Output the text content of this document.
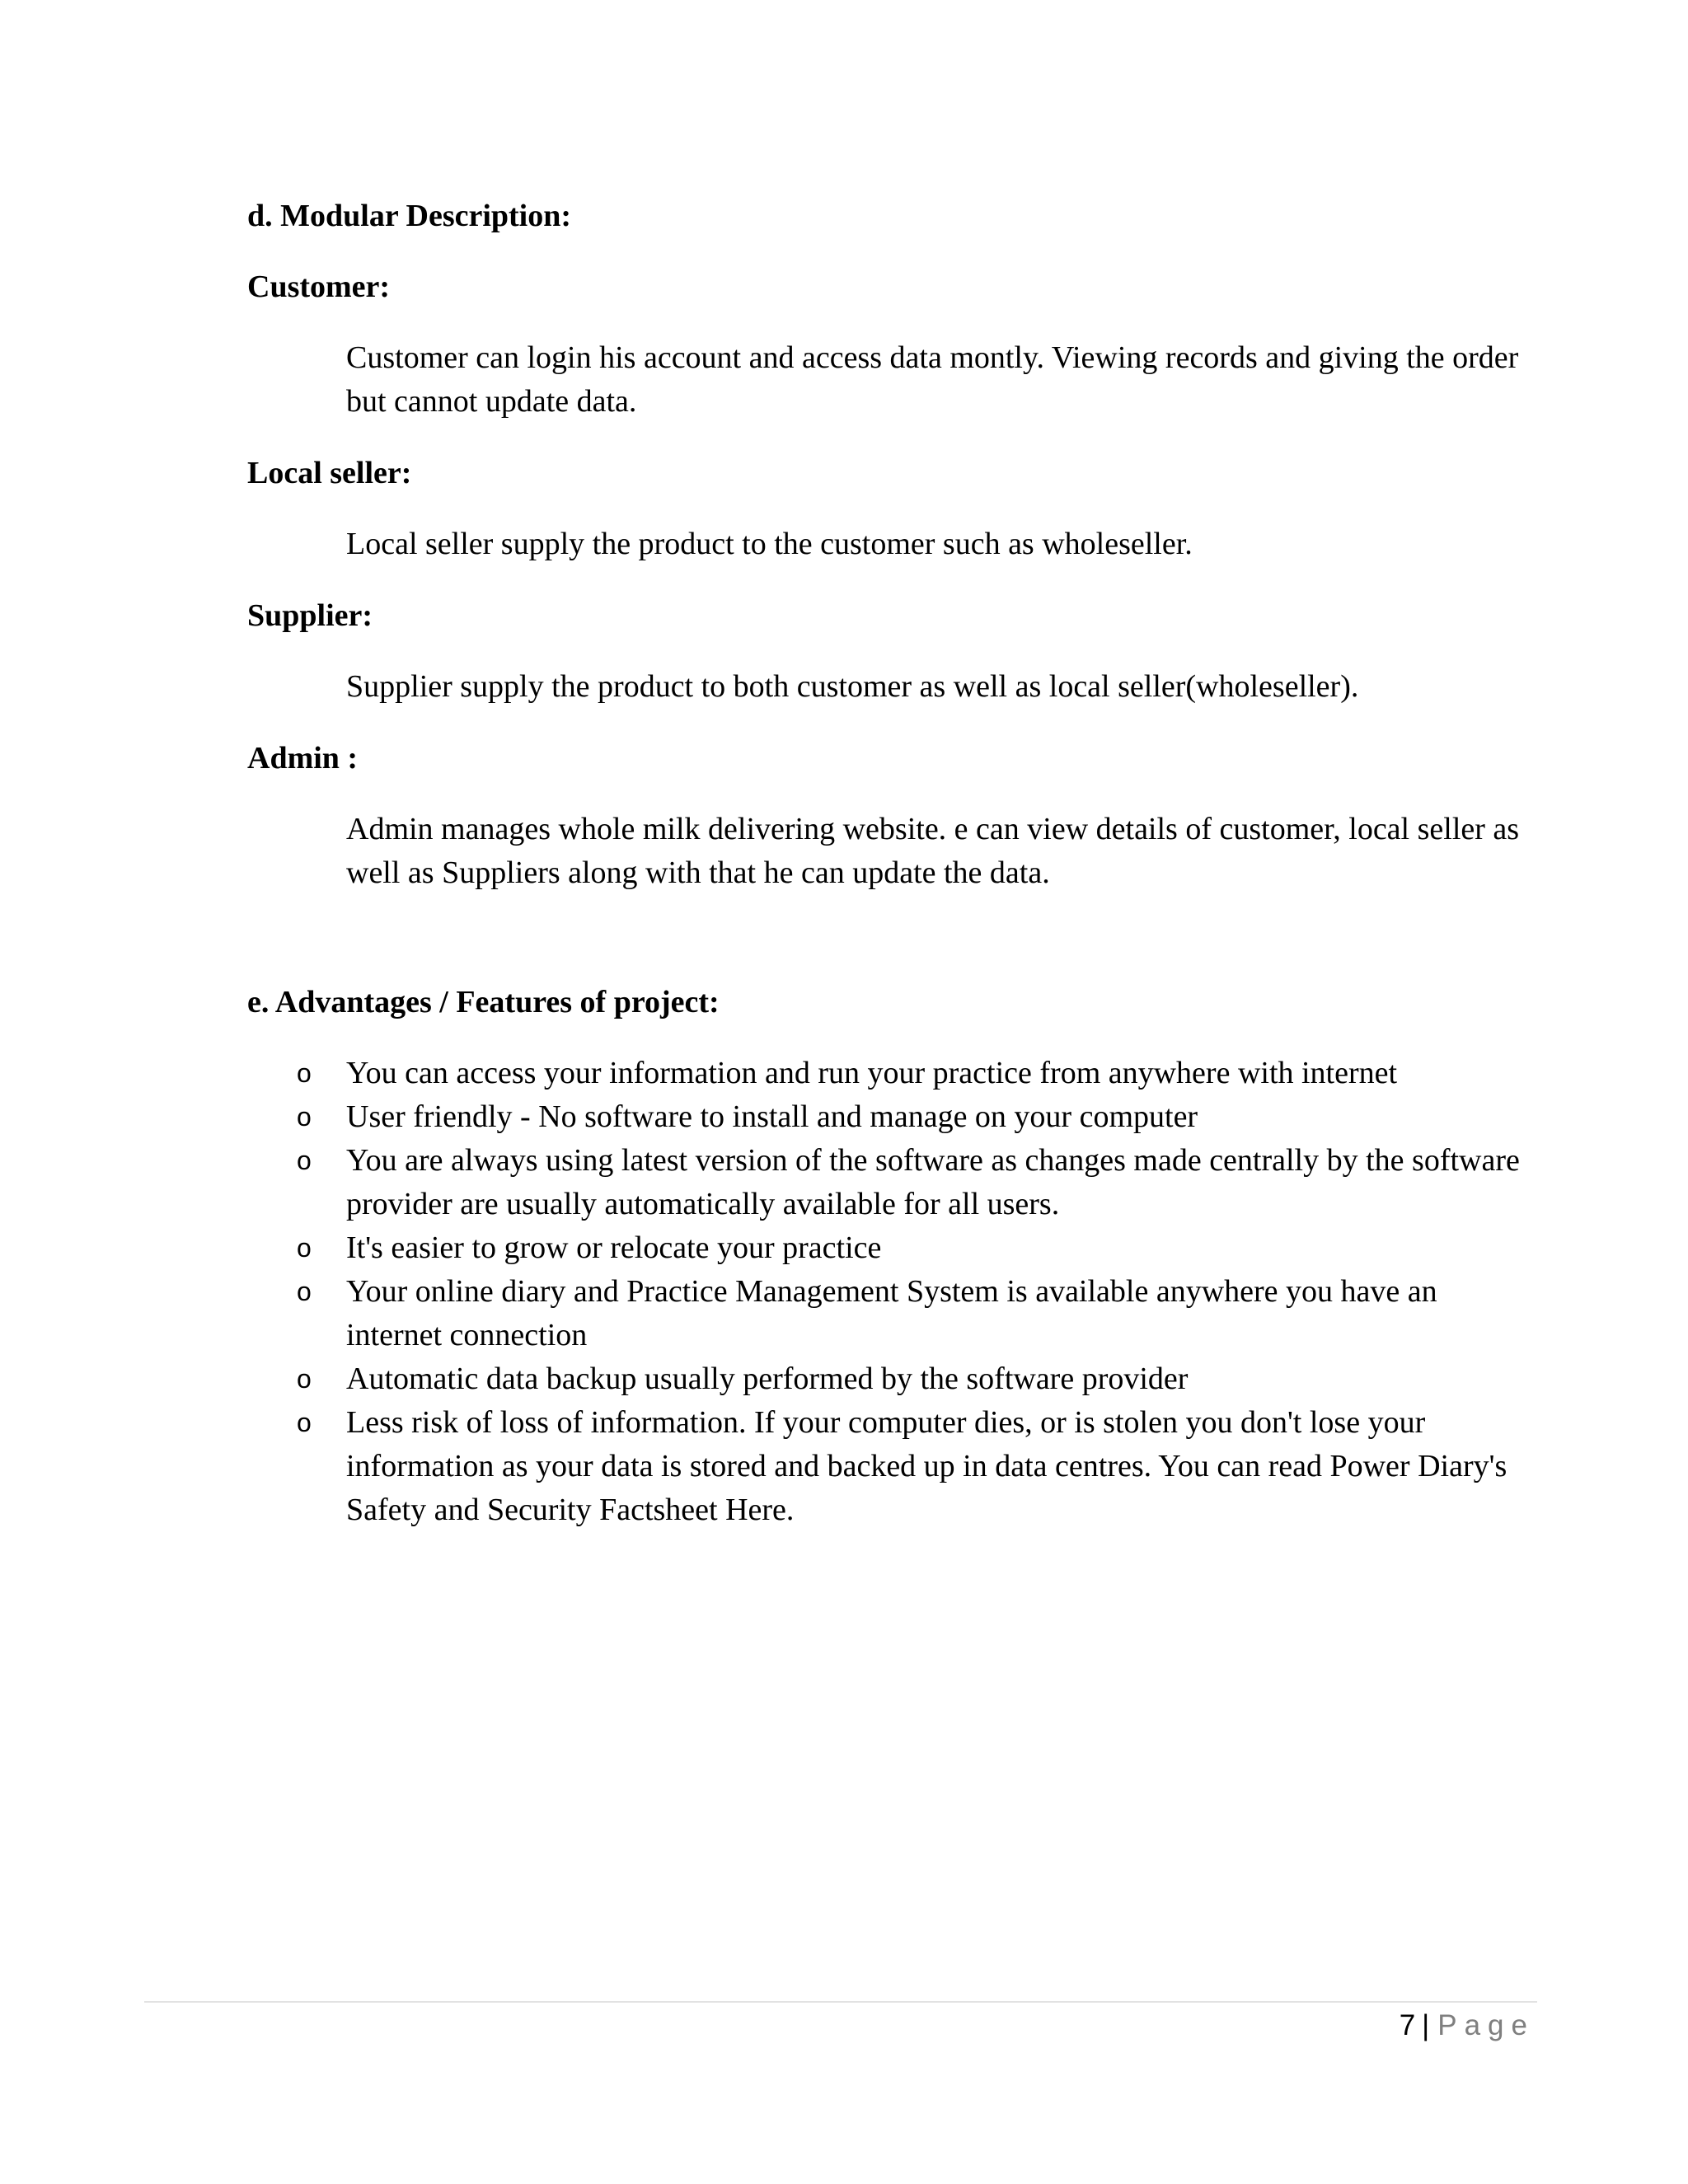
d. Modular Description:

Customer:

Customer can login his account and access data montly. Viewing records and giving the order but cannot update data.

Local seller:

Local seller supply the product to the customer such as wholeseller.

Supplier:

Supplier supply the product to both customer as well as local seller(wholeseller).

Admin :

Admin manages whole milk delivering website. e can view details of customer, local seller as well as Suppliers along with that he can update the data.

e. Advantages / Features of project:

o You can access your information and run your practice from anywhere with internet
o User friendly - No software to install and manage on your computer
o You are always using latest version of the software as changes made centrally by the software provider are usually automatically available for all users.
o It's easier to grow or relocate your practice
o Your online diary and Practice Management System is available anywhere you have an internet connection
o Automatic data backup usually performed by the software provider
o Less risk of loss of information. If your computer dies, or is stolen you don't lose your information as your data is stored and backed up in data centres. You can read Power Diary's Safety and Security Factsheet Here.
7 | Page
